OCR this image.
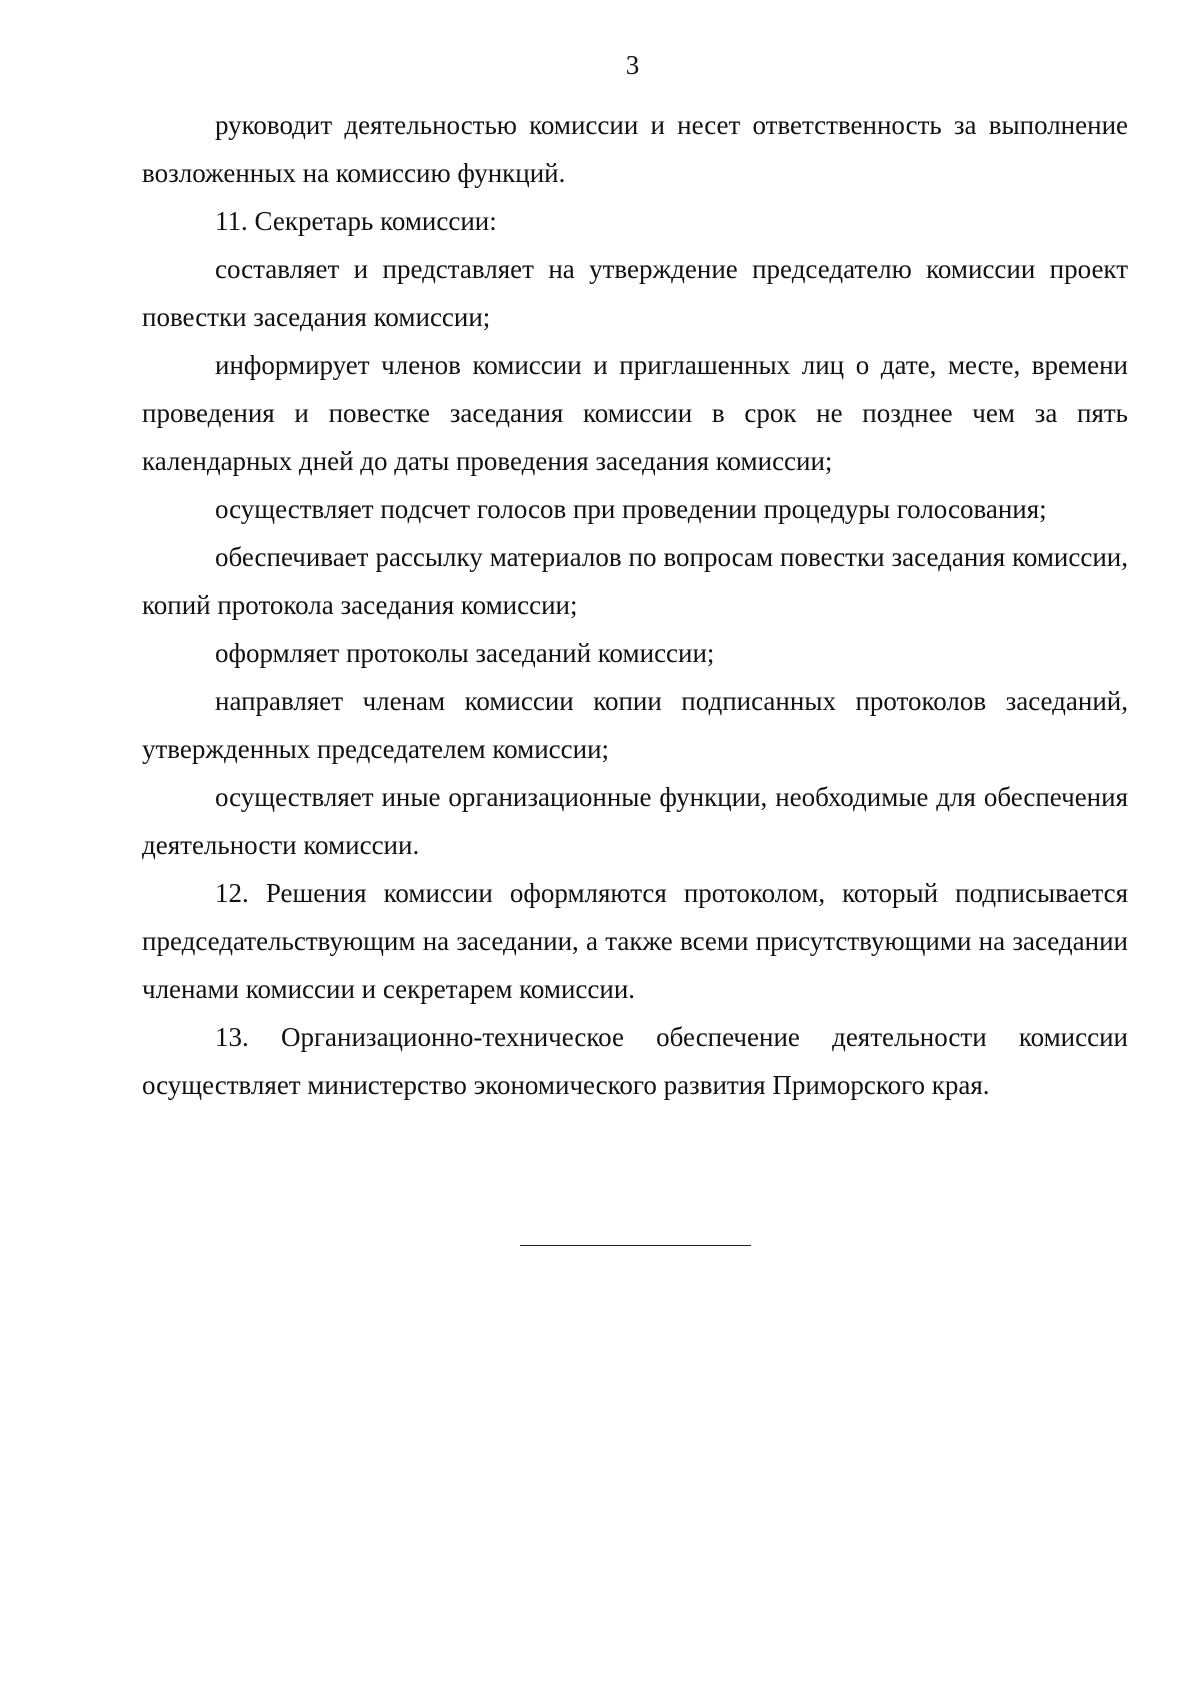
3

руководит деятельностью комиссии и несет ответственность за выполнение возложенных на комиссию функций.

11. Секретарь комиссии:

составляет и представляет на утверждение председателю комиссии проект повестки заседания комиссии;

информирует членов комиссии и приглашенных лиц о дате, месте, времени проведения и повестке заседания комиссии в срок не позднее чем за пять календарных дней до даты проведения заседания комиссии;

осуществляет подсчет голосов при проведении процедуры голосования;

обеспечивает рассылку материалов по вопросам повестки заседания комиссии, копий протокола заседания комиссии;

оформляет протоколы заседаний комиссии;

направляет членам комиссии копии подписанных протоколов заседаний, утвержденных председателем комиссии;

осуществляет иные организационные функции, необходимые для обеспечения деятельности комиссии.

12. Решения комиссии оформляются протоколом, который подписывается председательствующим на заседании, а также всеми присутствующими на заседании членами комиссии и секретарем комиссии.

13. Организационно-техническое обеспечение деятельности комиссии осуществляет министерство экономического развития Приморского края.
